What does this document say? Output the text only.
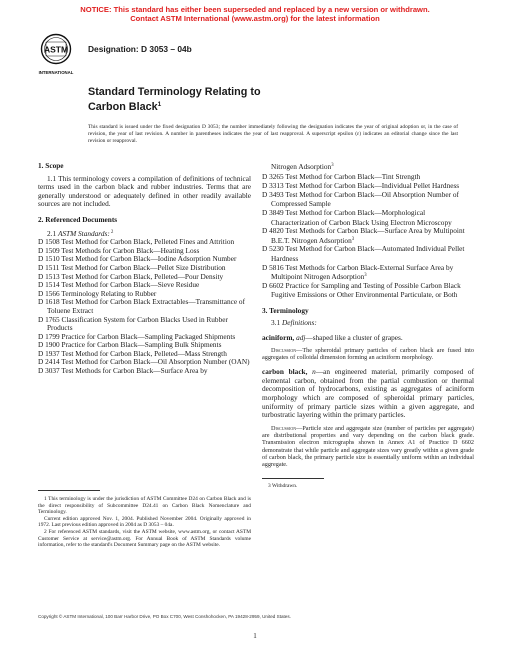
NOTICE: This standard has either been superseded and replaced by a new version or withdrawn.
Contact ASTM International (www.astm.org) for the latest information
ASTM
INTERNATIONAL
Designation: D 3053 – 04b
Standard Terminology Relating to
Carbon Black$^1$
This standard is issued under the fixed designation D 3053; the number immediately following the designation indicates the year of original adoption or, in the case of revision, the year of last revision. A number in parentheses indicates the year of last reapproval. A superscript epsilon (ε) indicates an editorial change since the last revision or reapproval.
1. Scope
1.1 This terminology covers a compilation of definitions of technical terms used in the carbon black and rubber industries. Terms that are generally understood or adequately defined in other readily available sources are not included.
2. Referenced Documents
2.1 ASTM Standards: $^2$
D 1508 Test Method for Carbon Black, Pelleted Fines and Attrition
D 1509 Test Methods for Carbon Black—Heating Loss
D 1510 Test Method for Carbon Black—Iodine Adsorption Number
D 1511 Test Method for Carbon Black—Pellet Size Distribution
D 1513 Test Method for Carbon Black, Pelleted—Pour Density
D 1514 Test Method for Carbon Black—Sieve Residue
D 1566 Terminology Relating to Rubber
D 1618 Test Method for Carbon Black Extractables—Transmittance of Toluene Extract
D 1765 Classification System for Carbon Blacks Used in Rubber Products
D 1799 Practice for Carbon Black—Sampling Packaged Shipments
D 1900 Practice for Carbon Black—Sampling Bulk Shipments
D 1937 Test Method for Carbon Black, Pelleted—Mass Strength
D 2414 Test Method for Carbon Black—Oil Absorption Number (OAN)
D 3037 Test Methods for Carbon Black—Surface Area by
Nitrogen Adsorption$^3$
D 3265 Test Method for Carbon Black—Tint Strength
D 3313 Test Method for Carbon Black—Individual Pellet Hardness
D 3493 Test Method for Carbon Black—Oil Absorption Number of Compressed Sample
D 3849 Test Method for Carbon Black—Morphological Characterization of Carbon Black Using Electron Microscopy
D 4820 Test Methods for Carbon Black—Surface Area by Multipoint B.E.T. Nitrogen Adsorption$^3$
D 5230 Test Method for Carbon Black—Automated Individual Pellet Hardness
D 5816 Test Methods for Carbon Black-External Surface Area by Multipoint Nitrogen Adsorption$^3$
D 6602 Practice for Sampling and Testing of Possible Carbon Black Fugitive Emissions or Other Environmental Particulate, or Both
3. Terminology
3.1 Definitions:
aciniform, adj—shaped like a cluster of grapes.
Discussion—The spheroidal primary particles of carbon black are fused into aggregates of colloidal dimension forming an aciniform morphology.
carbon black, n—an engineered material, primarily composed of elemental carbon, obtained from the partial combustion or thermal decomposition of hydrocarbons, existing as aggregates of aciniform morphology which are composed of spheroidal primary particles, uniformity of primary particle sizes within a given aggregate, and turbostratic layering within the primary particles.
Discussion—Particle size and aggregate size (number of particles per aggregate) are distributional properties and vary depending on the carbon black grade. Transmission electron micrographs shown in Annex A1 of Practice D 6602 demonstrate that while particle and aggregate sizes vary greatly within a given grade of carbon black, the primary particle size is essentially uniform within an individual aggregate.
3 Withdrawn.

1 This terminology is under the jurisdiction of ASTM Committee D24 on Carbon Black and is the direct responsibility of Subcommittee D24.41 on Carbon Black Nomenclature and Terminology.

Current edition approved Nov. 1, 2004. Published November 2004. Originally approved in 1972. Last previous edition approved in 2004 as D 3053 – 04a.

2 For referenced ASTM standards, visit the ASTM website, www.astm.org, or contact ASTM Customer Service at service@astm.org. For Annual Book of ASTM Standards volume information, refer to the standard's Document Summary page on the ASTM website.

Copyright © ASTM International, 100 Barr Harbor Drive, PO Box C700, West Conshohocken, PA 19428-2959, United States.
1
